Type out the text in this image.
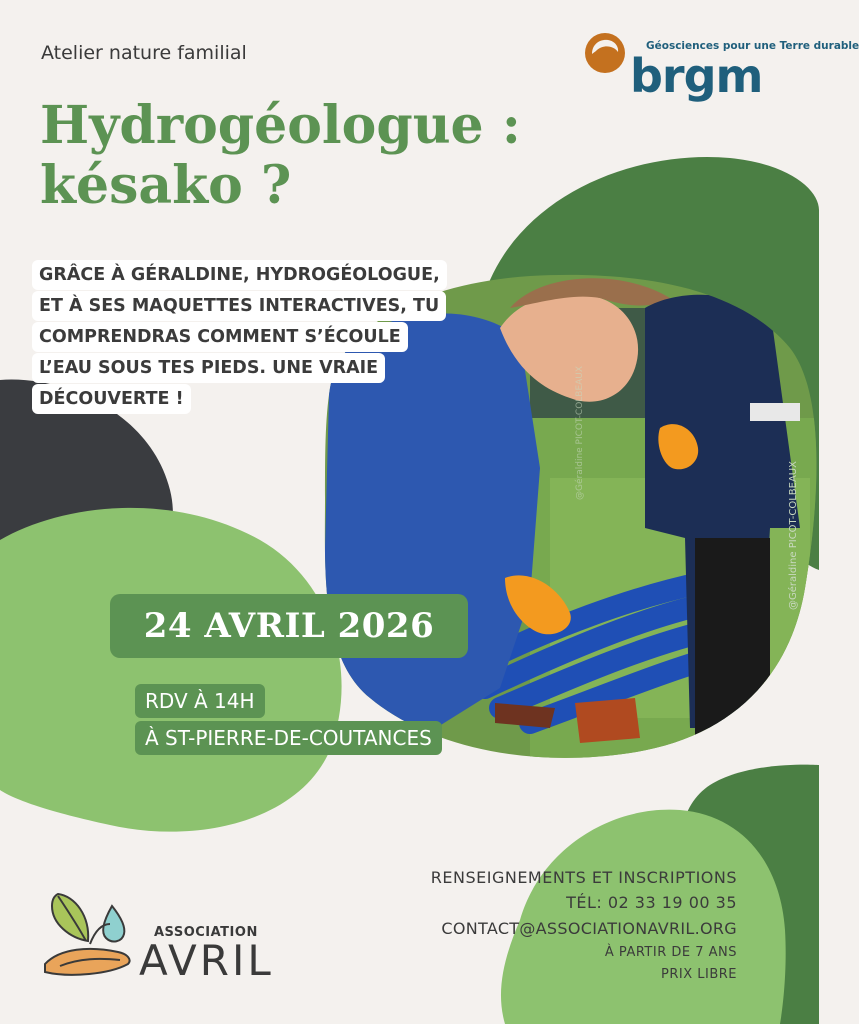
@Géraldine PICOT-COLBEAUX
@Géraldine PICOT-COLBEAUX
Atelier nature familial
Hydrogéologue :
késako ?
GRÂCE À GÉRALDINE, HYDROGÉOLOGUE,
ET À SES MAQUETTES INTERACTIVES, TU
COMPRENDRAS COMMENT S’ÉCOULE
L’EAU SOUS TES PIEDS. UNE VRAIE
DÉCOUVERTE !
24 AVRIL 2026
RDV À 14H
À ST-PIERRE-DE-COUTANCES
Géosciences pour une Terre durable
brgm
RENSEIGNEMENTS ET INSCRIPTIONS
TÉL: 02 33 19 00 35
CONTACT@ASSOCIATIONAVRIL.ORG
À PARTIR DE 7 ANS
PRIX LIBRE
ASSOCIATION
AVRIL
